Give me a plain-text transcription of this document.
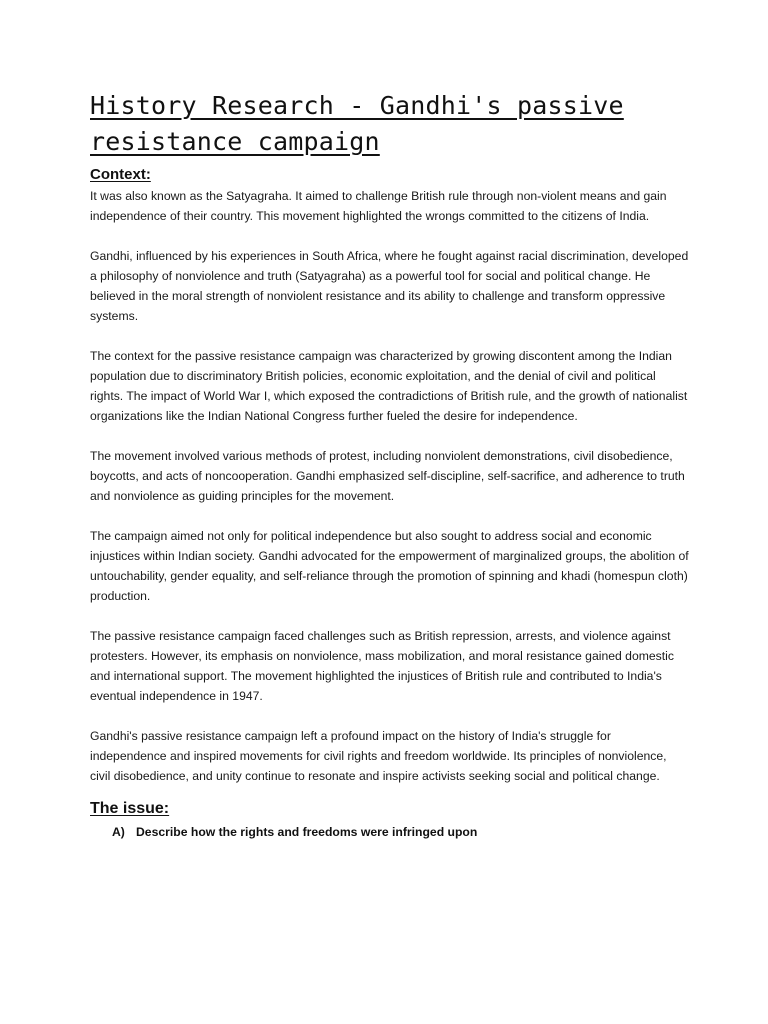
History Research - Gandhi's passive resistance campaign
Context:

It was also known as the Satyagraha. It aimed to challenge British rule through non-violent means and gain independence of their country. This movement highlighted the wrongs committed to the citizens of India.

Gandhi, influenced by his experiences in South Africa, where he fought against racial discrimination, developed a philosophy of nonviolence and truth (Satyagraha) as a powerful tool for social and political change. He believed in the moral strength of nonviolent resistance and its ability to challenge and transform oppressive systems.

The context for the passive resistance campaign was characterized by growing discontent among the Indian population due to discriminatory British policies, economic exploitation, and the denial of civil and political rights. The impact of World War I, which exposed the contradictions of British rule, and the growth of nationalist organizations like the Indian National Congress further fueled the desire for independence.

The movement involved various methods of protest, including nonviolent demonstrations, civil disobedience, boycotts, and acts of noncooperation. Gandhi emphasized self-discipline, self-sacrifice, and adherence to truth and nonviolence as guiding principles for the movement.

The campaign aimed not only for political independence but also sought to address social and economic injustices within Indian society. Gandhi advocated for the empowerment of marginalized groups, the abolition of untouchability, gender equality, and self-reliance through the promotion of spinning and khadi (homespun cloth) production.

The passive resistance campaign faced challenges such as British repression, arrests, and violence against protesters. However, its emphasis on nonviolence, mass mobilization, and moral resistance gained domestic and international support. The movement highlighted the injustices of British rule and contributed to India's eventual independence in 1947.

Gandhi's passive resistance campaign left a profound impact on the history of India's struggle for independence and inspired movements for civil rights and freedom worldwide. Its principles of nonviolence, civil disobedience, and unity continue to resonate and inspire activists seeking social and political change.

The issue:
A) Describe how the rights and freedoms were infringed upon
